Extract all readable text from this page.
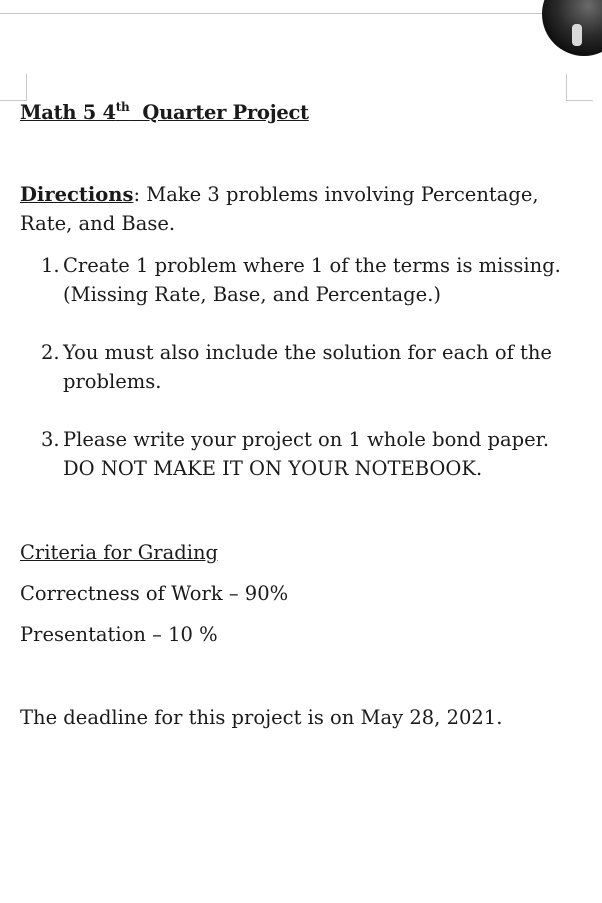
Math 5 4th  Quarter Project
Directions: Make 3 problems involving Percentage, Rate, and Base.
1. Create 1 problem where 1 of the terms is missing. (Missing Rate, Base, and Percentage.)
2. You must also include the solution for each of the problems.
3. Please write your project on 1 whole bond paper. DO NOT MAKE IT ON YOUR NOTEBOOK.
Criteria for Grading
Correctness of Work – 90%
Presentation – 10 %
The deadline for this project is on May 28, 2021.
